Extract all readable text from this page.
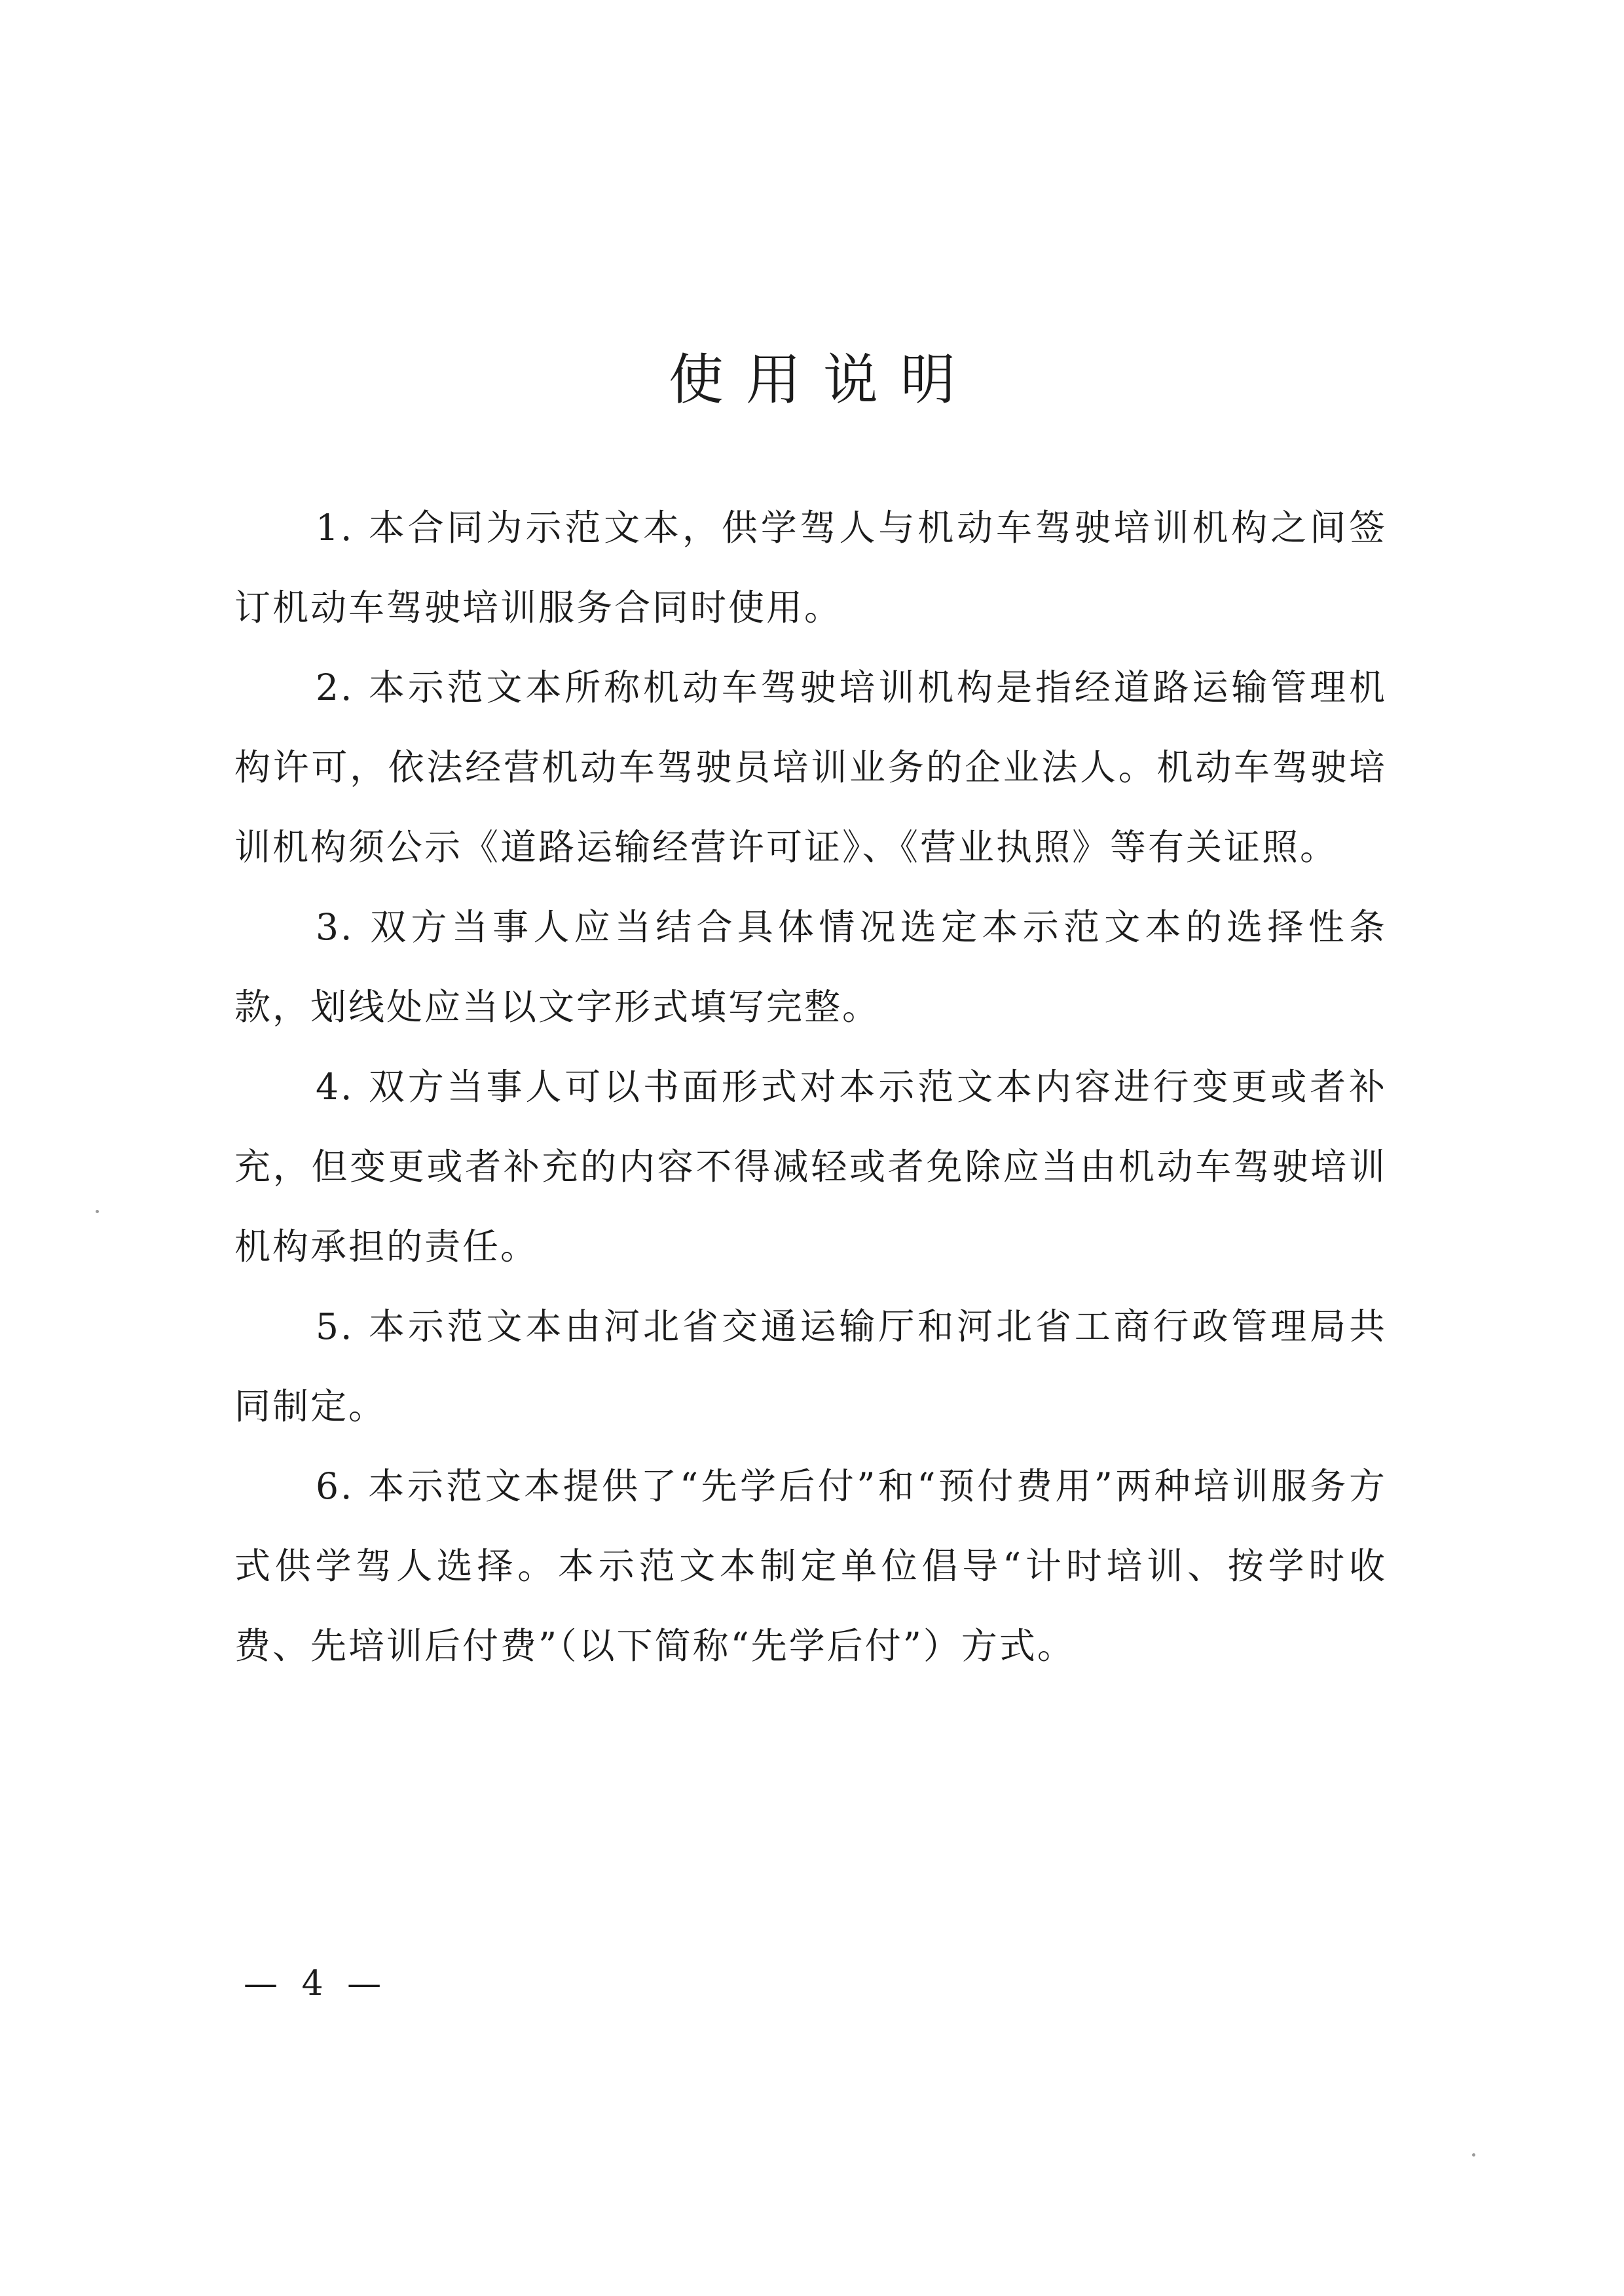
使用说明

1. 本合同为示范文本，供学驾人与机动车驾驶培训机构之间签订机动车驾驶培训服务合同时使用。

2. 本示范文本所称机动车驾驶培训机构是指经道路运输管理机构许可，依法经营机动车驾驶员培训业务的企业法人。机动车驾驶培训机构须公示《道路运输经营许可证》、《营业执照》等有关证照。

3. 双方当事人应当结合具体情况选定本示范文本的选择性条款，划线处应当以文字形式填写完整。

4. 双方当事人可以书面形式对本示范文本内容进行变更或者补充，但变更或者补充的内容不得减轻或者免除应当由机动车驾驶培训机构承担的责任。

5. 本示范文本由河北省交通运输厅和河北省工商行政管理局共同制定。

6. 本示范文本提供了“先学后付”和“预付费用”两种培训服务方式供学驾人选择。本示范文本制定单位倡导“计时培训、按学时收费、先培训后付费”（以下简称“先学后付”）方式。

— 4 —
